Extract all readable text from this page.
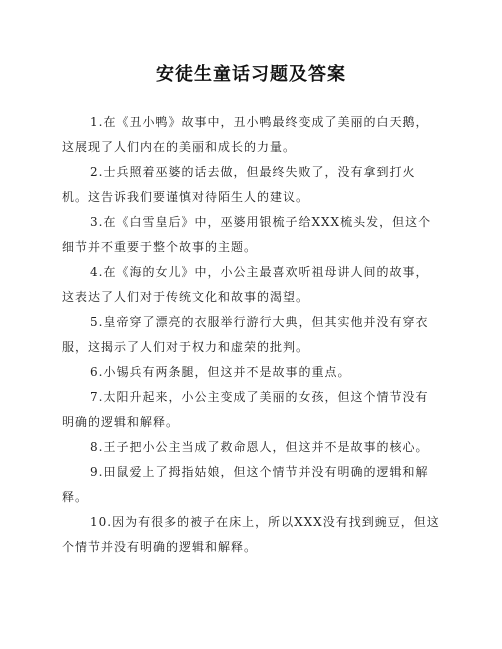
安徒生童话习题及答案

1.在《丑小鸭》故事中，丑小鸭最终变成了美丽的白天鹅，这展现了人们内在的美丽和成长的力量。

2.士兵照着巫婆的话去做，但最终失败了，没有拿到打火机。这告诉我们要谨慎对待陌生人的建议。

3.在《白雪皇后》中，巫婆用银梳子给XXX梳头发，但这个细节并不重要于整个故事的主题。

4.在《海的女儿》中，小公主最喜欢听祖母讲人间的故事，这表达了人们对于传统文化和故事的渴望。

5.皇帝穿了漂亮的衣服举行游行大典，但其实他并没有穿衣服，这揭示了人们对于权力和虚荣的批判。

6.小锡兵有两条腿，但这并不是故事的重点。

7.太阳升起来，小公主变成了美丽的女孩，但这个情节没有明确的逻辑和解释。

8.王子把小公主当成了救命恩人，但这并不是故事的核心。

9.田鼠爱上了拇指姑娘，但这个情节并没有明确的逻辑和解释。

10.因为有很多的被子在床上，所以XXX没有找到豌豆，但这个情节并没有明确的逻辑和解释。
